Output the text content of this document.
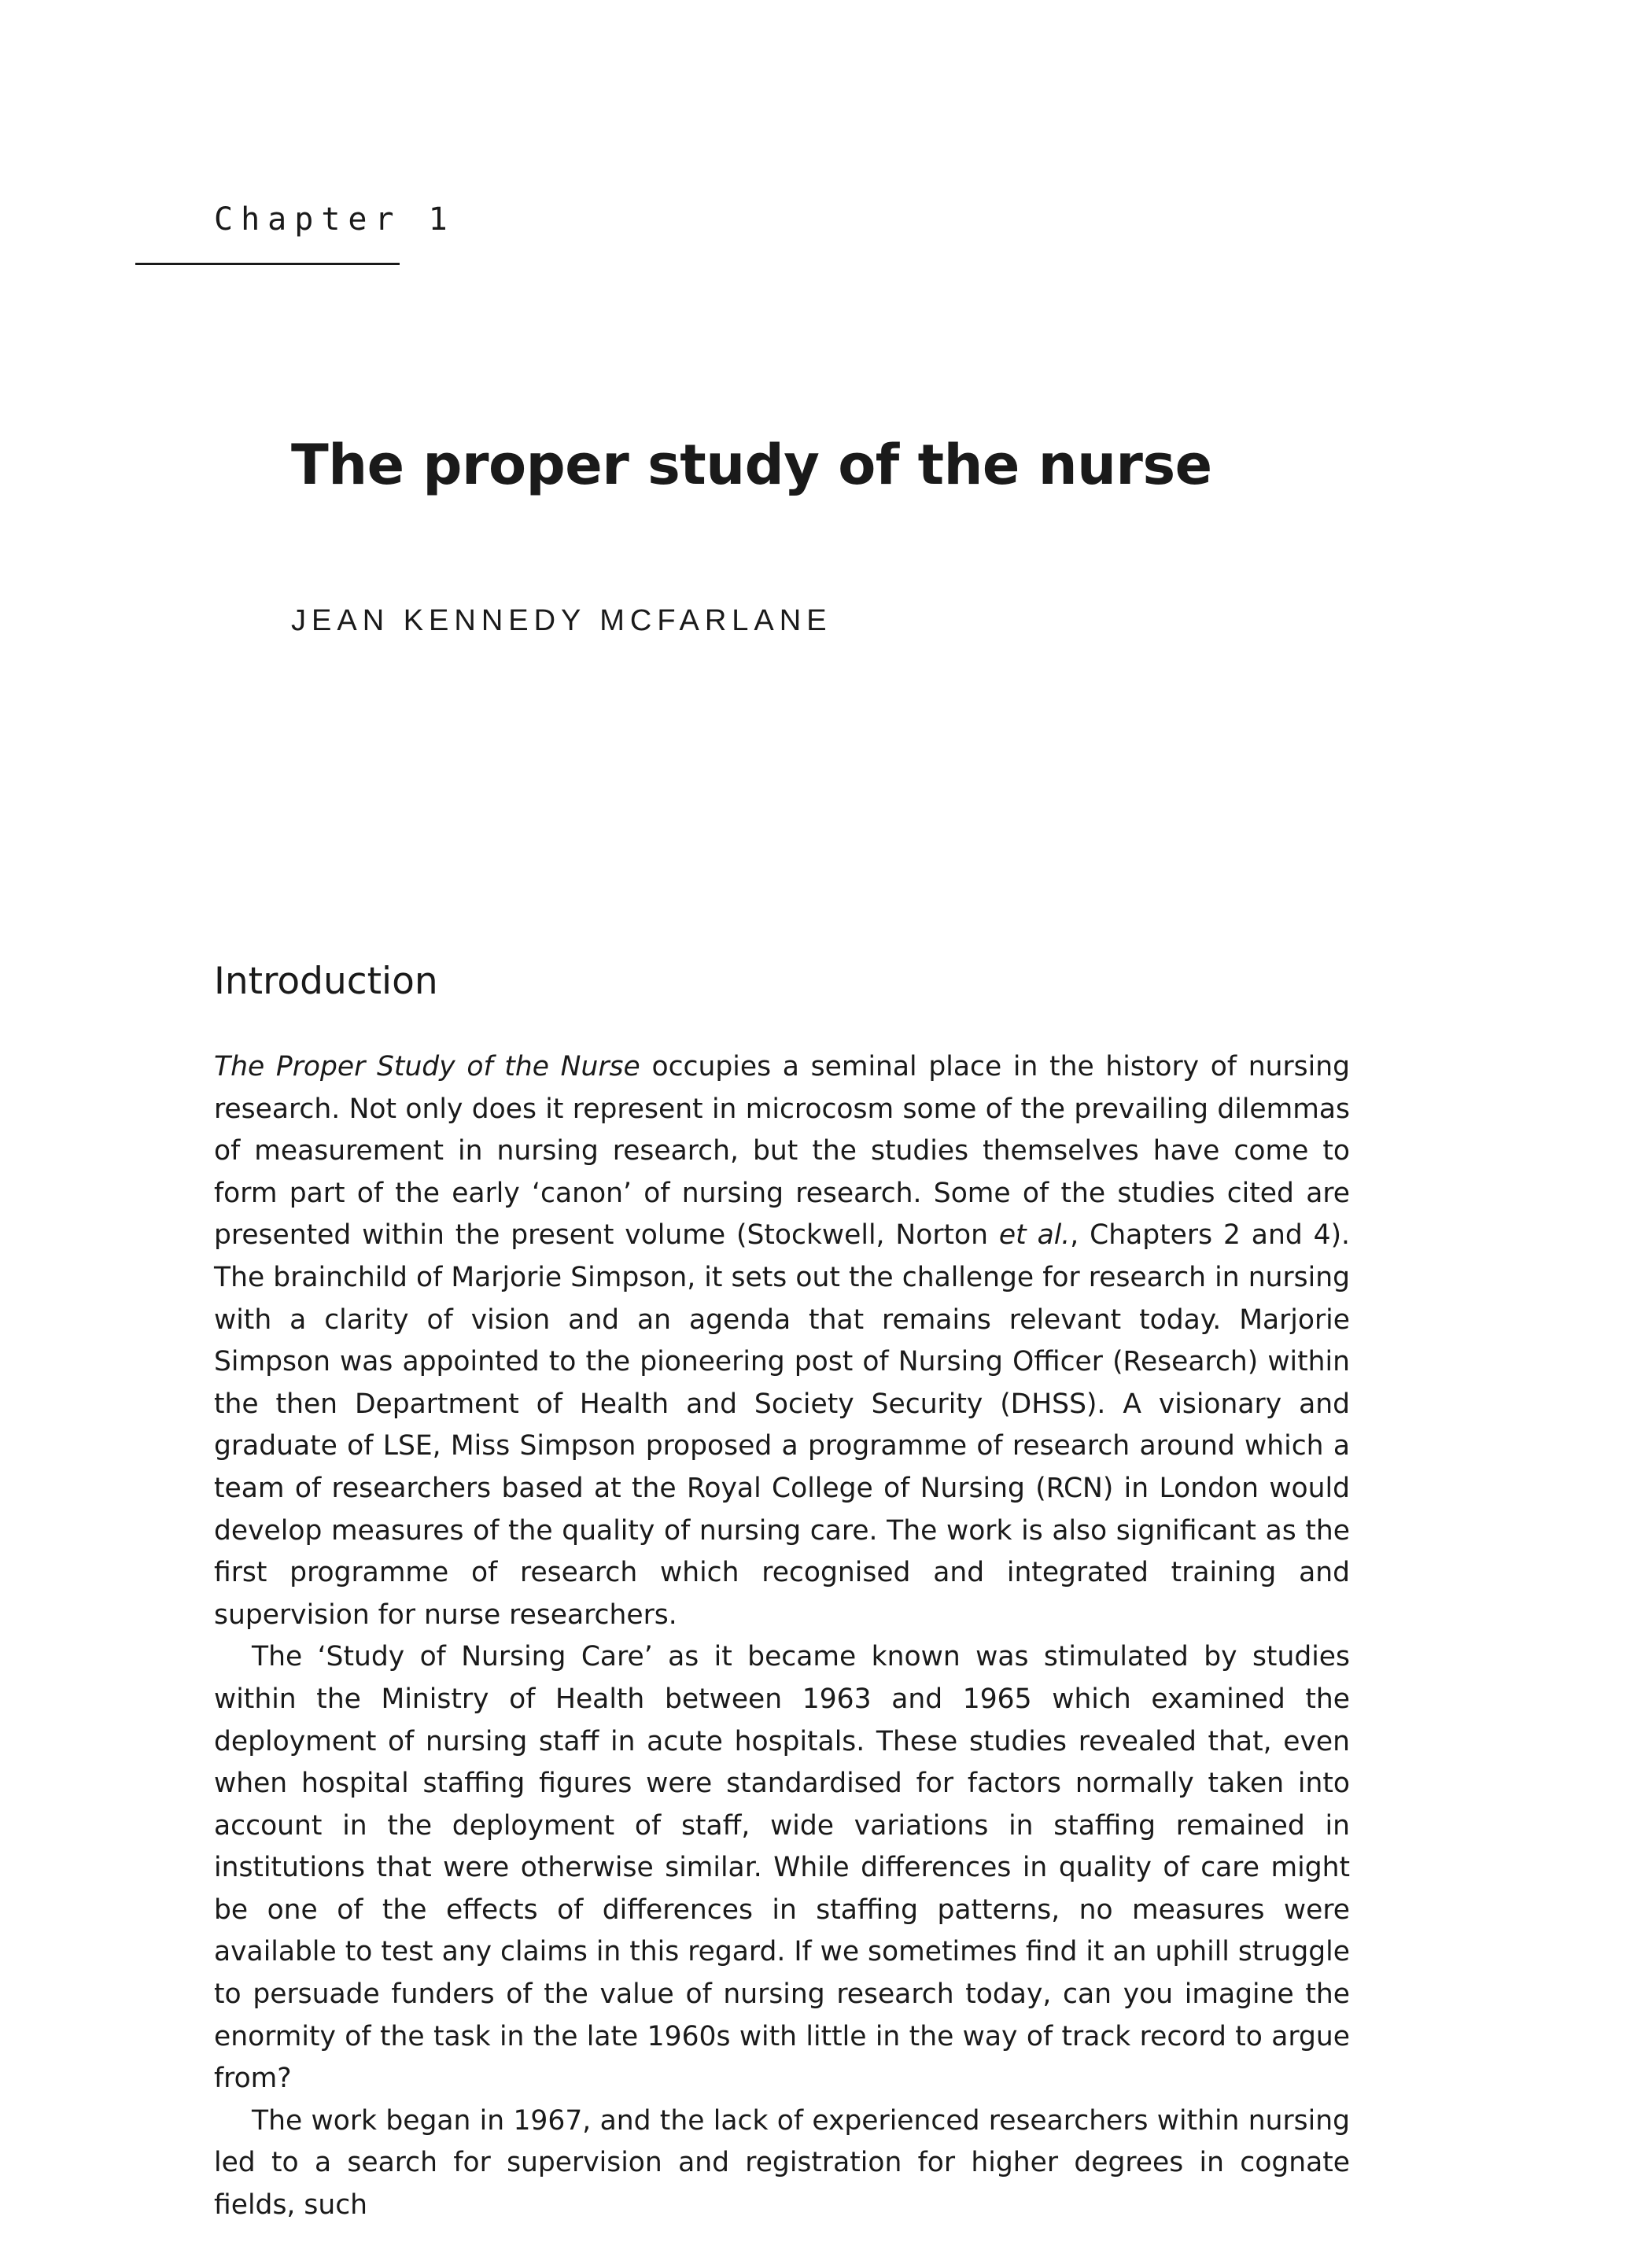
Chapter 1
The proper study of the nurse
JEAN KENNEDY MCFARLANE
Introduction

The Proper Study of the Nurse occupies a seminal place in the history of nursing research. Not only does it represent in microcosm some of the prevailing dilemmas of measurement in nursing research, but the studies themselves have come to form part of the early ‘canon’ of nursing research. Some of the studies cited are presented within the present volume (Stockwell, Norton et al., Chapters 2 and 4). The brainchild of Marjorie Simpson, it sets out the challenge for research in nursing with a clarity of vision and an agenda that remains relevant today. Marjorie Simpson was appointed to the pioneering post of Nursing Officer (Research) within the then Department of Health and Society Security (DHSS). A visionary and graduate of LSE, Miss Simpson proposed a programme of research around which a team of researchers based at the Royal College of Nursing (RCN) in London would develop measures of the quality of nursing care. The work is also significant as the first programme of research which recognised and integrated training and supervision for nurse researchers.

The ‘Study of Nursing Care’ as it became known was stimulated by studies within the Ministry of Health between 1963 and 1965 which examined the deployment of nursing staff in acute hospitals. These studies revealed that, even when hospital staffing figures were standardised for factors normally taken into account in the deployment of staff, wide variations in staffing remained in institutions that were otherwise similar. While differences in quality of care might be one of the effects of differences in staffing patterns, no measures were available to test any claims in this regard. If we sometimes find it an uphill struggle to persuade funders of the value of nursing research today, can you imagine the enormity of the task in the late 1960s with little in the way of track record to argue from?

The work began in 1967, and the lack of experienced researchers within nursing led to a search for supervision and registration for higher degrees in cognate fields, such
